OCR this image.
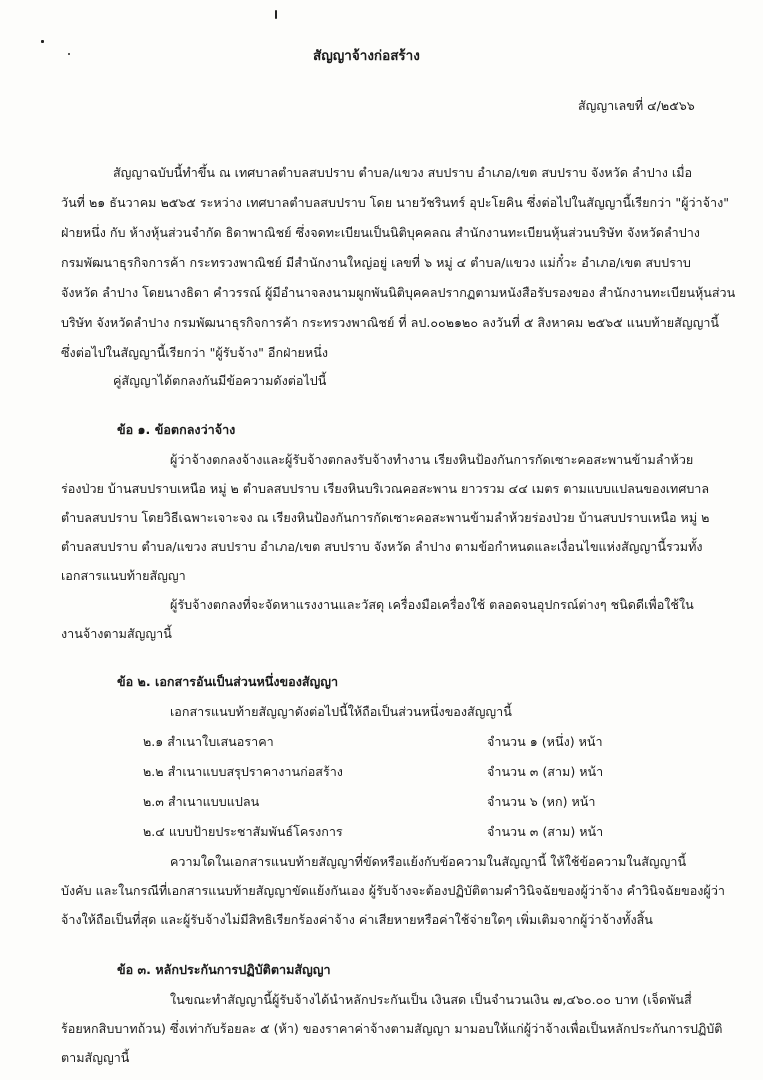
สัญญาจ้างก่อสร้าง

สัญญาเลขที่ ๔/๒๕๖๖

สัญญาฉบับนี้ทำขึ้น ณ เทศบาลตำบลสบปราบ ตำบล/แขวง สบปราบ อำเภอ/เขต สบปราบ จังหวัด ลำปาง เมื่อ

วันที่ ๒๑ ธันวาคม ๒๕๖๕ ระหว่าง เทศบาลตำบลสบปราบ โดย นายวัชรินทร์ อุปะโยคิน ซึ่งต่อไปในสัญญานี้เรียกว่า "ผู้ว่าจ้าง"

ฝ่ายหนึ่ง กับ ห้างหุ้นส่วนจำกัด ธิดาพาณิชย์ ซึ่งจดทะเบียนเป็นนิติบุคคลณ สำนักงานทะเบียนหุ้นส่วนบริษัท จังหวัดลำปาง

กรมพัฒนาธุรกิจการค้า กระทรวงพาณิชย์ มีสำนักงานใหญ่อยู่ เลขที่ ๖ หมู่ ๔ ตำบล/แขวง แม่กั๋วะ อำเภอ/เขต สบปราบ

จังหวัด ลำปาง โดยนางธิดา คำวรรณ์ ผู้มีอำนาจลงนามผูกพันนิติบุคคลปรากฏตามหนังสือรับรองของ สำนักงานทะเบียนหุ้นส่วน

บริษัท จังหวัดลำปาง กรมพัฒนาธุรกิจการค้า กระทรวงพาณิชย์ ที่ ลป.๐๐๒๑๒๐ ลงวันที่ ๕ สิงหาคม ๒๕๖๕ แนบท้ายสัญญานี้

ซึ่งต่อไปในสัญญานี้เรียกว่า "ผู้รับจ้าง" อีกฝ่ายหนึ่ง

คู่สัญญาได้ตกลงกันมีข้อความดังต่อไปนี้

ข้อ ๑. ข้อตกลงว่าจ้าง

ผู้ว่าจ้างตกลงจ้างและผู้รับจ้างตกลงรับจ้างทำงาน เรียงหินป้องกันการกัดเซาะคอสะพานข้ามลำห้วย

ร่องป่วย บ้านสบปราบเหนือ หมู่ ๒ ตำบลสบปราบ เรียงหินบริเวณคอสะพาน ยาวรวม ๔๔ เมตร ตามแบบแปลนของเทศบาล

ตำบลสบปราบ โดยวิธีเฉพาะเจาะจง ณ เรียงหินป้องกันการกัดเซาะคอสะพานข้ามลำห้วยร่องป่วย บ้านสบปราบเหนือ หมู่ ๒

ตำบลสบปราบ ตำบล/แขวง สบปราบ อำเภอ/เขต สบปราบ จังหวัด ลำปาง ตามข้อกำหนดและเงื่อนไขแห่งสัญญานี้รวมทั้ง

เอกสารแนบท้ายสัญญา

ผู้รับจ้างตกลงที่จะจัดหาแรงงานและวัสดุ เครื่องมือเครื่องใช้ ตลอดจนอุปกรณ์ต่างๆ ชนิดดีเพื่อใช้ใน

งานจ้างตามสัญญานี้

ข้อ ๒. เอกสารอันเป็นส่วนหนึ่งของสัญญา

เอกสารแนบท้ายสัญญาดังต่อไปนี้ให้ถือเป็นส่วนหนึ่งของสัญญานี้

๒.๑ สำเนาใบเสนอราคา	จำนวน ๑ (หนึ่ง) หน้า
๒.๒ สำเนาแบบสรุปราคางานก่อสร้าง	จำนวน ๓ (สาม) หน้า
๒.๓ สำเนาแบบแปลน	จำนวน ๖ (หก) หน้า
๒.๔ แบบป้ายประชาสัมพันธ์โครงการ	จำนวน ๓ (สาม) หน้า

ความใดในเอกสารแนบท้ายสัญญาที่ขัดหรือแย้งกับข้อความในสัญญานี้ ให้ใช้ข้อความในสัญญานี้

บังคับ และในกรณีที่เอกสารแนบท้ายสัญญาขัดแย้งกันเอง ผู้รับจ้างจะต้องปฏิบัติตามคำวินิจฉัยของผู้ว่าจ้าง คำวินิจฉัยของผู้ว่า

จ้างให้ถือเป็นที่สุด และผู้รับจ้างไม่มีสิทธิเรียกร้องค่าจ้าง ค่าเสียหายหรือค่าใช้จ่ายใดๆ เพิ่มเติมจากผู้ว่าจ้างทั้งสิ้น

ข้อ ๓. หลักประกันการปฏิบัติตามสัญญา

ในขณะทำสัญญานี้ผู้รับจ้างได้นำหลักประกันเป็น เงินสด เป็นจำนวนเงิน ๗,๔๖๐.๐๐ บาท (เจ็ดพันสี่

ร้อยหกสิบบาทถ้วน) ซึ่งเท่ากับร้อยละ ๕ (ห้า) ของราคาค่าจ้างตามสัญญา มามอบให้แก่ผู้ว่าจ้างเพื่อเป็นหลักประกันการปฏิบัติ

ตามสัญญานี้
